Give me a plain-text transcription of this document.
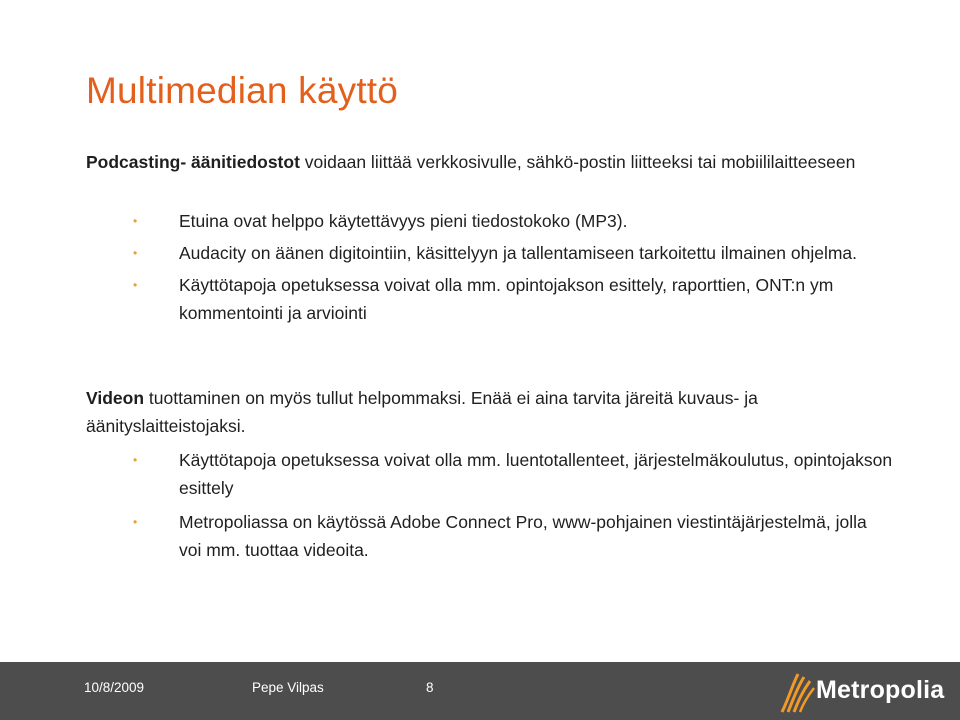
Multimedian käyttö
Podcasting- äänitiedostot voidaan liittää verkkosivulle, sähkö-postin liitteeksi tai mobiililaitteeseen
• Etuina ovat helppo käytettävyys pieni tiedostokoko (MP3).
• Audacity on äänen digitointiin, käsittelyyn ja tallentamiseen tarkoitettu ilmainen ohjelma.
• Käyttötapoja opetuksessa voivat olla mm. opintojakson esittely, raporttien, ONT:n ym kommentointi ja arviointi
Videon tuottaminen on myös tullut helpommaksi. Enää ei aina tarvita järeitä kuvaus- ja äänityslaitteistojaksi.
• Käyttötapoja opetuksessa voivat olla mm. luentotallenteet, järjestelmäkoulutus, opintojakson esittely
• Metropoliassa on käytössä Adobe Connect Pro, www-pohjainen viestintäjärjestelmä, jolla voi mm. tuottaa videoita.
10/8/2009	Pepe Vilpas	8	Metropolia
